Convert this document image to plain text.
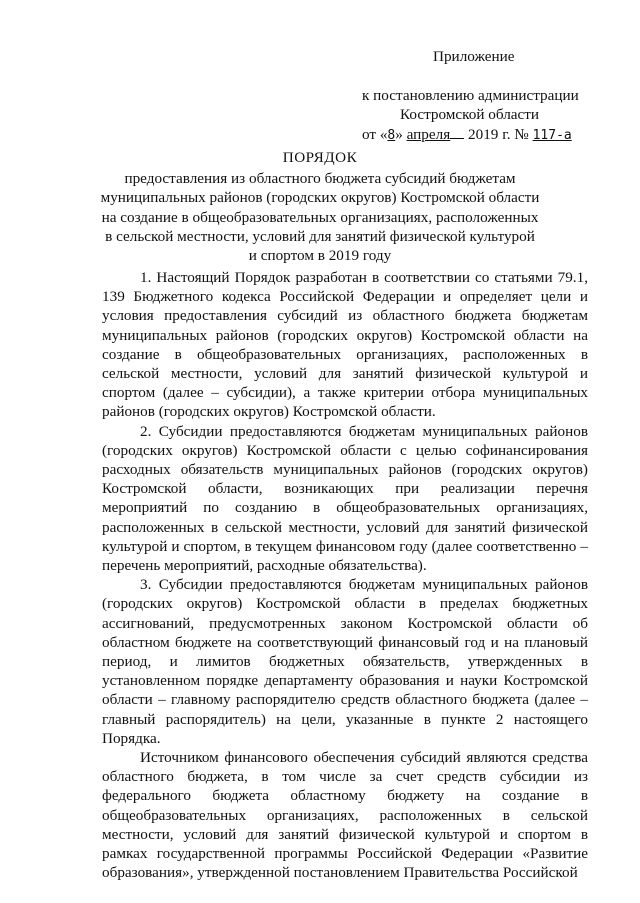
Приложение
к постановлению администрации
Костромской области
от «8» апреля 2019 г. № 117-а
ПОРЯДОК
предоставления из областного бюджета субсидий бюджетам
муниципальных районов (городских округов) Костромской области
на создание в общеобразовательных организациях, расположенных
в сельской местности, условий для занятий физической культурой
и спортом в 2019 году

1. Настоящий Порядок разработан в соответствии со статьями 79.1, 139 Бюджетного кодекса Российской Федерации и определяет цели и условия предоставления субсидий из областного бюджета бюджетам муниципальных районов (городских округов) Костромской области на создание в общеобразовательных организациях, расположенных в сельской местности, условий для занятий физической культурой и спортом (далее – субсидии), а также критерии отбора муниципальных районов (городских округов) Костромской области.

2. Субсидии предоставляются бюджетам муниципальных районов (городских округов) Костромской области с целью софинансирования расходных обязательств муниципальных районов (городских округов) Костромской области, возникающих при реализации перечня мероприятий по созданию в общеобразовательных организациях, расположенных в сельской местности, условий для занятий физической культурой и спортом, в текущем финансовом году (далее соответственно – перечень мероприятий, расходные обязательства).

3. Субсидии предоставляются бюджетам муниципальных районов (городских округов) Костромской области в пределах бюджетных ассигнований, предусмотренных законом Костромской области об областном бюджете на соответствующий финансовый год и на плановый период, и лимитов бюджетных обязательств, утвержденных в установленном порядке департаменту образования и науки Костромской области – главному распорядителю средств областного бюджета (далее – главный распорядитель) на цели, указанные в пункте 2 настоящего Порядка.

Источником финансового обеспечения субсидий являются средства областного бюджета, в том числе за счет средств субсидии из федерального бюджета областному бюджету на создание в общеобразовательных организациях, расположенных в сельской местности, условий для занятий физической культурой и спортом в рамках государственной программы Российской Федерации «Развитие образования», утвержденной постановлением Правительства Российской
